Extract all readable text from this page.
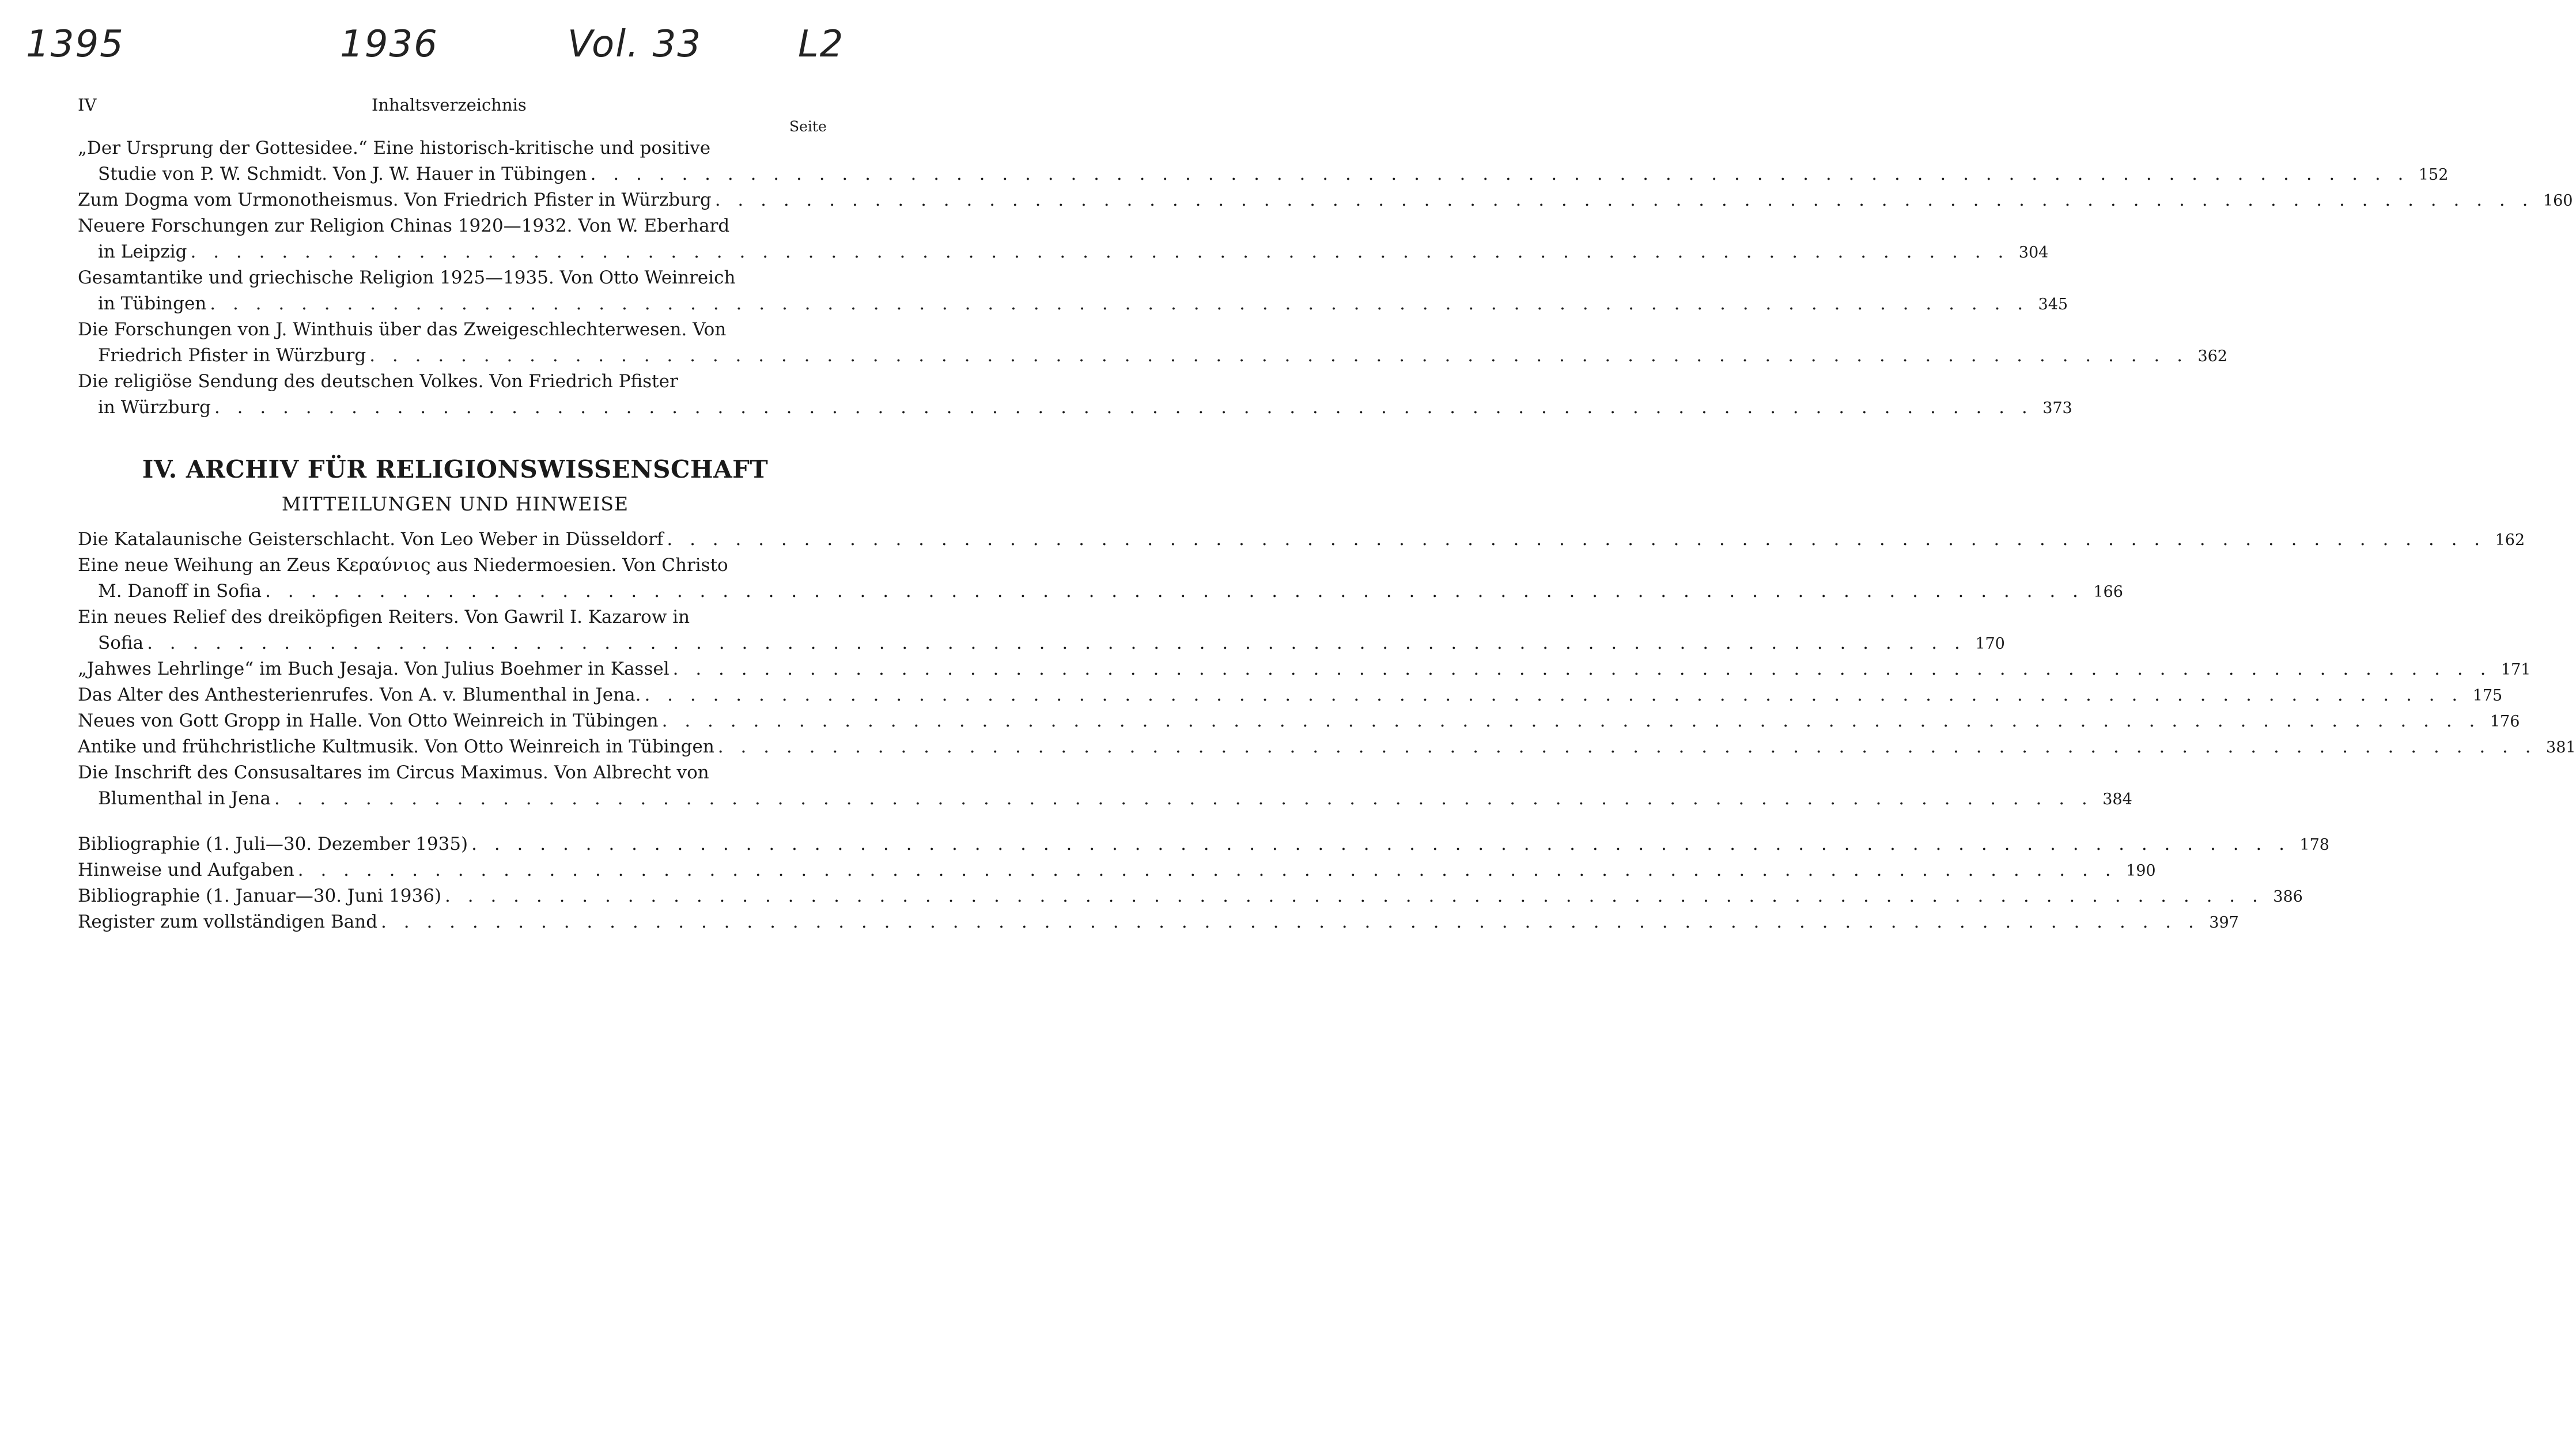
1395	1936	Vol. 33	L2
IV	Inhaltsverzeichnis
Seite
„Der Ursprung der Gottesidee.“ Eine historisch-kritische und positive
Studie von P. W. Schmidt. Von J. W. Hauer in Tübingen . . . . . . . . . . . . . . . . . . . . . . . . . . . . . . . . . . . . . . . . . . . . . . . . . . . . . . . . . . . . . . . . . . . . . . . . . . . . . . . . 152
Zum Dogma vom Urmonotheismus. Von Friedrich Pfister in Würzburg . . . . . . . . . . . . . . . . . . . . . . . . . . . . . . . . . . . . . . . . . . . . . . . . . . . . . . . . . . . . . . . . . . . . . . . . . . . . . . . . 160
Neuere Forschungen zur Religion Chinas 1920—1932. Von W. Eberhard
in Leipzig . . . . . . . . . . . . . . . . . . . . . . . . . . . . . . . . . . . . . . . . . . . . . . . . . . . . . . . . . . . . . . . . . . . . . . . . . . . . . . . . 304
Gesamtantike und griechische Religion 1925—1935. Von Otto Weinreich
in Tübingen . . . . . . . . . . . . . . . . . . . . . . . . . . . . . . . . . . . . . . . . . . . . . . . . . . . . . . . . . . . . . . . . . . . . . . . . . . . . . . . . 345
Die Forschungen von J. Winthuis über das Zweigeschlechterwesen. Von
Friedrich Pfister in Würzburg . . . . . . . . . . . . . . . . . . . . . . . . . . . . . . . . . . . . . . . . . . . . . . . . . . . . . . . . . . . . . . . . . . . . . . . . . . . . . . . . 362
Die religiöse Sendung des deutschen Volkes. Von Friedrich Pfister
in Würzburg . . . . . . . . . . . . . . . . . . . . . . . . . . . . . . . . . . . . . . . . . . . . . . . . . . . . . . . . . . . . . . . . . . . . . . . . . . . . . . . . 373
IV. ARCHIV FÜR RELIGIONSWISSENSCHAFT
MITTEILUNGEN UND HINWEISE
Die Katalaunische Geisterschlacht. Von Leo Weber in Düsseldorf . . . . . . . . . . . . . . . . . . . . . . . . . . . . . . . . . . . . . . . . . . . . . . . . . . . . . . . . . . . . . . . . . . . . . . . . . . . . . . . . 162
Eine neue Weihung an Zeus Κεραύνιος aus Niedermoesien. Von Christo
M. Danoff in Sofia . . . . . . . . . . . . . . . . . . . . . . . . . . . . . . . . . . . . . . . . . . . . . . . . . . . . . . . . . . . . . . . . . . . . . . . . . . . . . . . . 166
Ein neues Relief des dreiköpfigen Reiters. Von Gawril I. Kazarow in
Sofia . . . . . . . . . . . . . . . . . . . . . . . . . . . . . . . . . . . . . . . . . . . . . . . . . . . . . . . . . . . . . . . . . . . . . . . . . . . . . . . . 170
„Jahwes Lehrlinge“ im Buch Jesaja. Von Julius Boehmer in Kassel . . . . . . . . . . . . . . . . . . . . . . . . . . . . . . . . . . . . . . . . . . . . . . . . . . . . . . . . . . . . . . . . . . . . . . . . . . . . . . . . 171
Das Alter des Anthesterienrufes. Von A. v. Blumenthal in Jena. . . . . . . . . . . . . . . . . . . . . . . . . . . . . . . . . . . . . . . . . . . . . . . . . . . . . . . . . . . . . . . . . . . . . . . . . . . . . . . . . 175
Neues von Gott Gropp in Halle. Von Otto Weinreich in Tübingen . . . . . . . . . . . . . . . . . . . . . . . . . . . . . . . . . . . . . . . . . . . . . . . . . . . . . . . . . . . . . . . . . . . . . . . . . . . . . . . . 176
Antike und frühchristliche Kultmusik. Von Otto Weinreich in Tübingen . . . . . . . . . . . . . . . . . . . . . . . . . . . . . . . . . . . . . . . . . . . . . . . . . . . . . . . . . . . . . . . . . . . . . . . . . . . . . . . . 381
Die Inschrift des Consusaltares im Circus Maximus. Von Albrecht von
Blumenthal in Jena . . . . . . . . . . . . . . . . . . . . . . . . . . . . . . . . . . . . . . . . . . . . . . . . . . . . . . . . . . . . . . . . . . . . . . . . . . . . . . . . 384
Bibliographie (1. Juli—30. Dezember 1935) . . . . . . . . . . . . . . . . . . . . . . . . . . . . . . . . . . . . . . . . . . . . . . . . . . . . . . . . . . . . . . . . . . . . . . . . . . . . . . . . 178
Hinweise und Aufgaben . . . . . . . . . . . . . . . . . . . . . . . . . . . . . . . . . . . . . . . . . . . . . . . . . . . . . . . . . . . . . . . . . . . . . . . . . . . . . . . . 190
Bibliographie (1. Januar—30. Juni 1936) . . . . . . . . . . . . . . . . . . . . . . . . . . . . . . . . . . . . . . . . . . . . . . . . . . . . . . . . . . . . . . . . . . . . . . . . . . . . . . . . 386
Register zum vollständigen Band . . . . . . . . . . . . . . . . . . . . . . . . . . . . . . . . . . . . . . . . . . . . . . . . . . . . . . . . . . . . . . . . . . . . . . . . . . . . . . . . 397
